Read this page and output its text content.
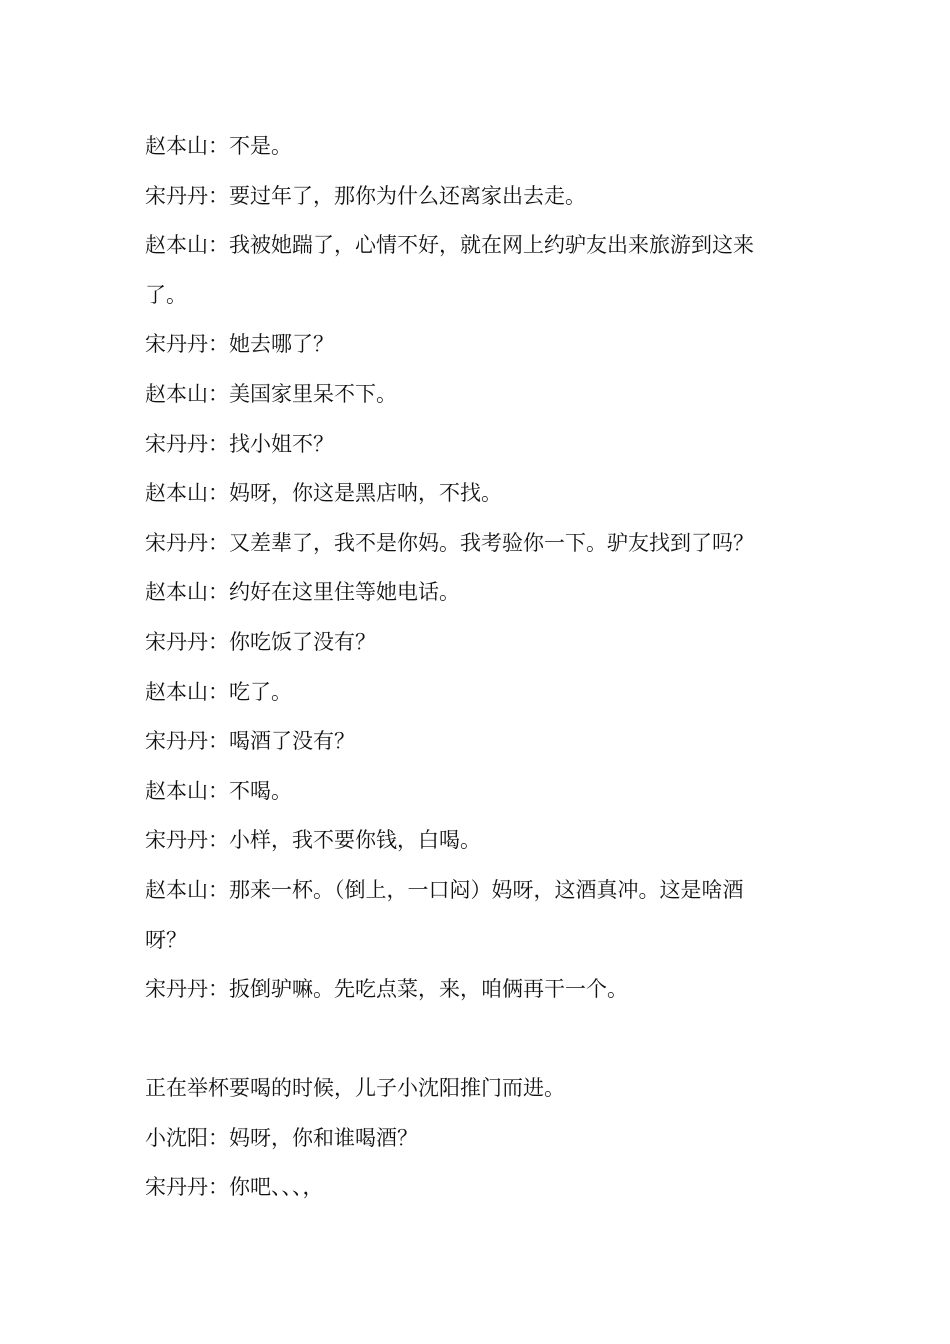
赵本山：不是。
宋丹丹：要过年了，那你为什么还离家出去走。
赵本山：我被她踹了，心情不好，就在网上约驴友出来旅游到这来
了。
宋丹丹：她去哪了？
赵本山：美国家里呆不下。
宋丹丹：找小姐不？
赵本山：妈呀，你这是黑店呐，不找。
宋丹丹：又差辈了，我不是你妈。我考验你一下。驴友找到了吗？
赵本山：约好在这里住等她电话。
宋丹丹：你吃饭了没有？
赵本山：吃了。
宋丹丹：喝酒了没有？
赵本山：不喝。
宋丹丹：小样，我不要你钱，白喝。
赵本山：那来一杯。（倒上，一口闷）妈呀，这酒真冲。这是啥酒
呀？
宋丹丹：扳倒驴嘛。先吃点菜，来，咱俩再干一个。
正在举杯要喝的时候，儿子小沈阳推门而进。
小沈阳：妈呀，你和谁喝酒？
宋丹丹：你吧、、、，
